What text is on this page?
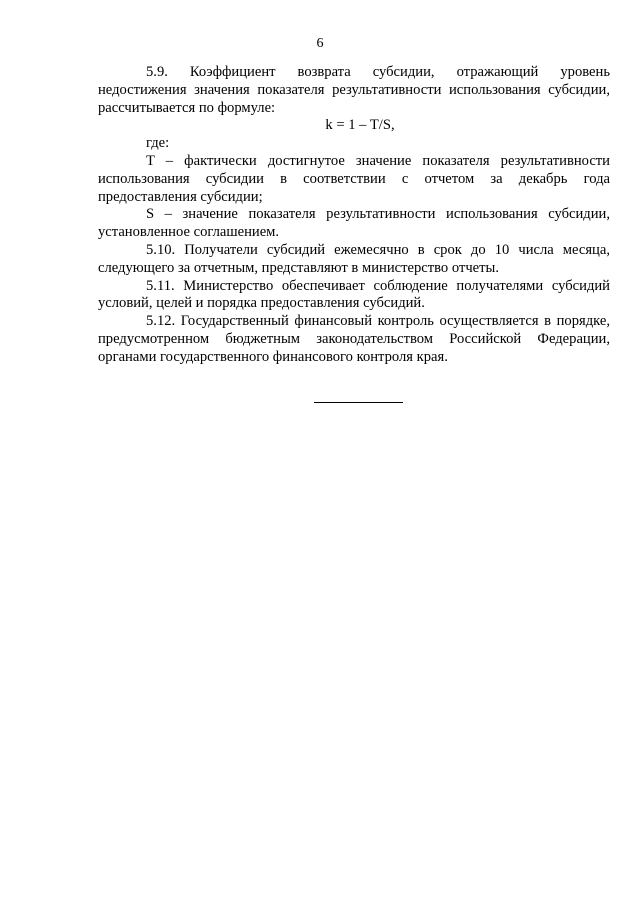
6

5.9. Коэффициент возврата субсидии, отражающий уровень недостижения значения показателя результативности использования субсидии, рассчитывается по формуле:

k = 1 – T/S,

где:

T – фактически достигнутое значение показателя результативности использования субсидии в соответствии с отчетом за декабрь года предоставления субсидии;

S – значение показателя результативности использования субсидии, установленное соглашением.

5.10. Получатели субсидий ежемесячно в срок до 10 числа месяца, следующего за отчетным, представляют в министерство отчеты.

5.11. Министерство обеспечивает соблюдение получателями субсидий условий, целей и порядка предоставления субсидий.

5.12. Государственный финансовый контроль осуществляется в порядке, предусмотренном бюджетным законодательством Российской Федерации, органами государственного финансового контроля края.
